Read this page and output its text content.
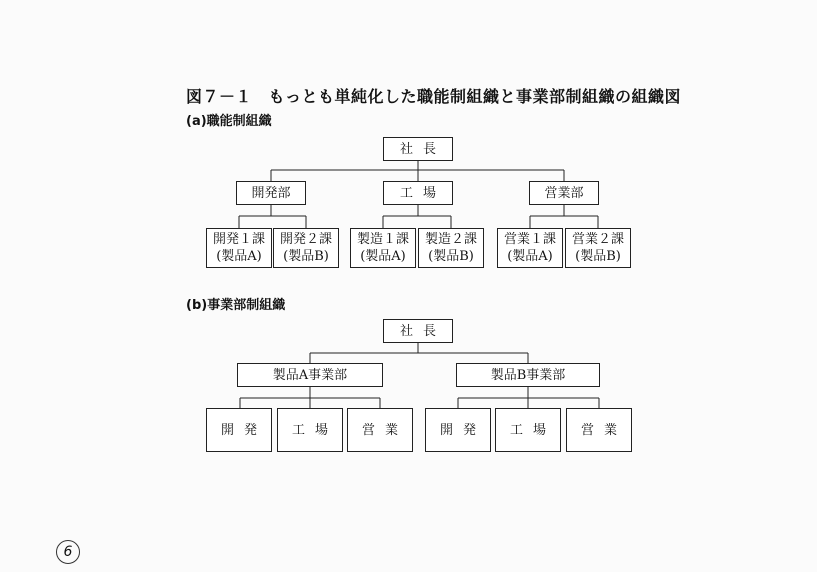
図７－１　もっとも単純化した職能制組織と事業部制組織の組織図
(a)職能制組織
社長
開発部	工場	営業部
開発１課
(製品A)
開発２課
(製品B)
製造１課
(製品A)
製造２課
(製品B)
営業１課
(製品A)
営業２課
(製品B)
(b)事業部制組織
社長
製品A事業部	製品B事業部
開発	工場	営業	開発	工場	営業
6
